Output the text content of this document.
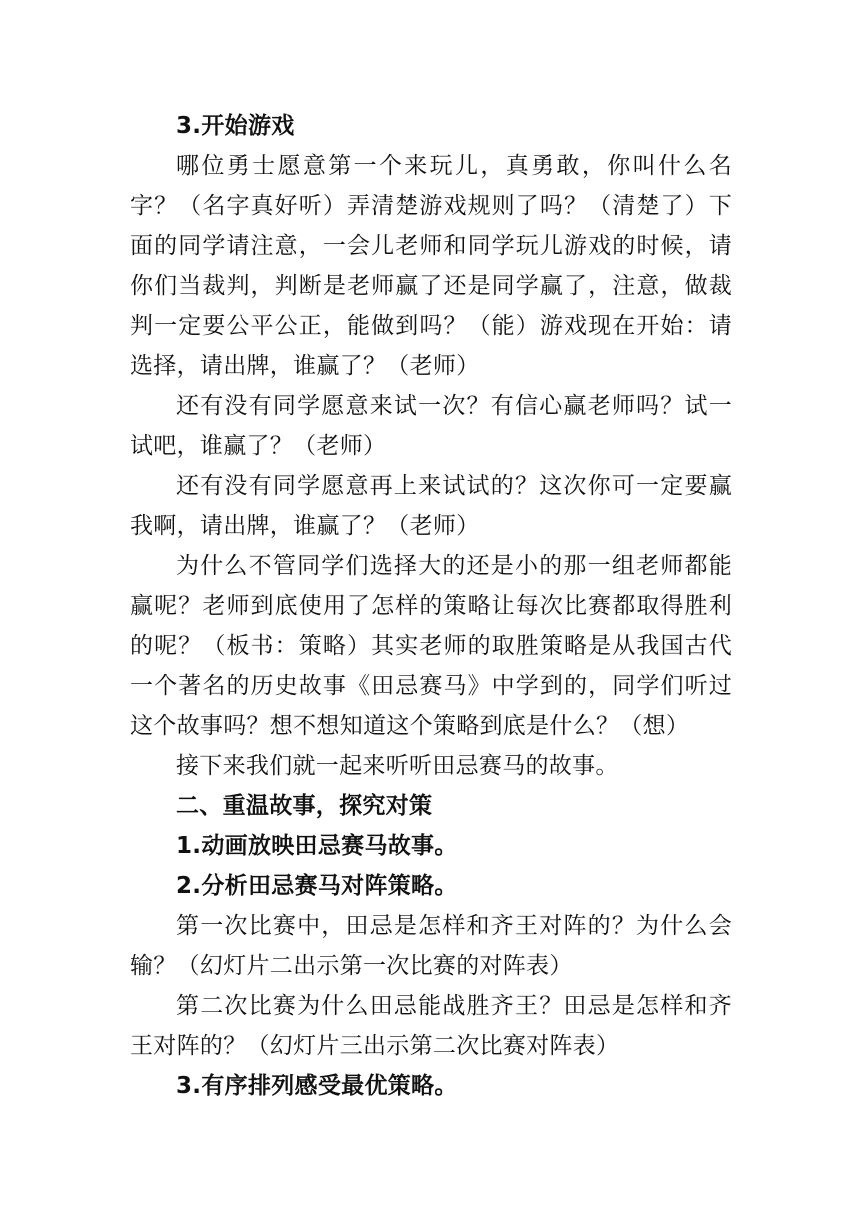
3.开始游戏

哪位勇士愿意第一个来玩儿，真勇敢，你叫什么名字？（名字真好听）弄清楚游戏规则了吗？（清楚了）下面的同学请注意，一会儿老师和同学玩儿游戏的时候，请你们当裁判，判断是老师赢了还是同学赢了，注意，做裁判一定要公平公正，能做到吗？（能）游戏现在开始：请选择，请出牌，谁赢了？（老师）

还有没有同学愿意来试一次？有信心赢老师吗？试一试吧，谁赢了？（老师）

还有没有同学愿意再上来试试的？这次你可一定要赢我啊，请出牌，谁赢了？（老师）

为什么不管同学们选择大的还是小的那一组老师都能赢呢？老师到底使用了怎样的策略让每次比赛都取得胜利的呢？（板书：策略）其实老师的取胜策略是从我国古代一个著名的历史故事《田忌赛马》中学到的，同学们听过这个故事吗？想不想知道这个策略到底是什么？（想）

接下来我们就一起来听听田忌赛马的故事。

二、重温故事，探究对策

1.动画放映田忌赛马故事。

2.分析田忌赛马对阵策略。

第一次比赛中，田忌是怎样和齐王对阵的？为什么会输？（幻灯片二出示第一次比赛的对阵表）

第二次比赛为什么田忌能战胜齐王？田忌是怎样和齐王对阵的？（幻灯片三出示第二次比赛对阵表）

3.有序排列感受最优策略。
